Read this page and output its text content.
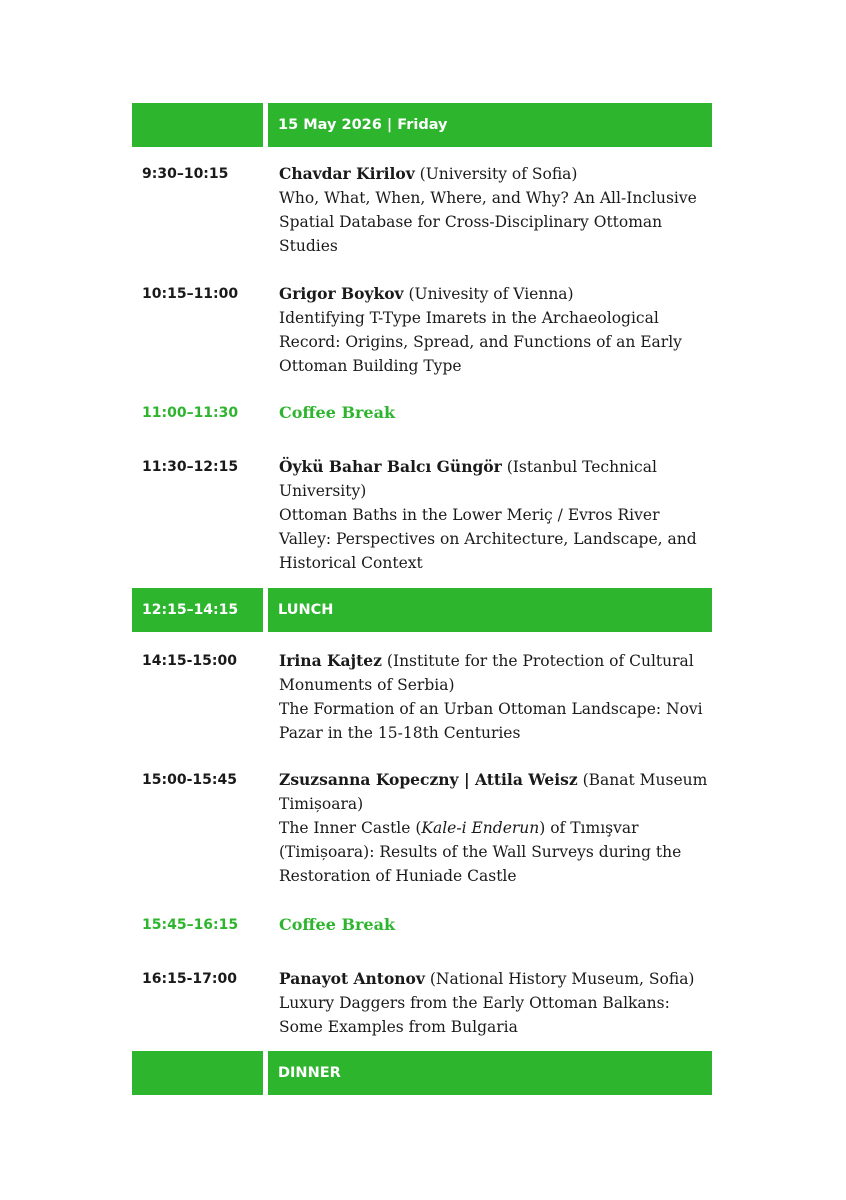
15 May 2026 | Friday
9:30–10:15	Chavdar Kirilov (University of Sofia)
Who, What, When, Where, and Why? An All-Inclusive Spatial Database for Cross-Disciplinary Ottoman Studies
10:15–11:00	Grigor Boykov (Univesity of Vienna)
Identifying T-Type Imarets in the Archaeological Record: Origins, Spread, and Functions of an Early Ottoman Building Type
11:00–11:30	Coffee Break
11:30–12:15	Öykü Bahar Balcı Güngör (Istanbul Technical University)
Ottoman Baths in the Lower Meriç / Evros River Valley: Perspectives on Architecture, Landscape, and Historical Context
12:15–14:15	LUNCH
14:15-15:00	Irina Kajtez (Institute for the Protection of Cultural Monuments of Serbia)
The Formation of an Urban Ottoman Landscape: Novi Pazar in the 15-18th Centuries
15:00-15:45	Zsuzsanna Kopeczny | Attila Weisz (Banat Museum Timișoara)
The Inner Castle (Kale-i Enderun) of Tımışvar (Timișoara): Results of the Wall Surveys during the Restoration of Huniade Castle
15:45–16:15	Coffee Break
16:15-17:00	Panayot Antonov (National History Museum, Sofia)
Luxury Daggers from the Early Ottoman Balkans: Some Examples from Bulgaria
DINNER
